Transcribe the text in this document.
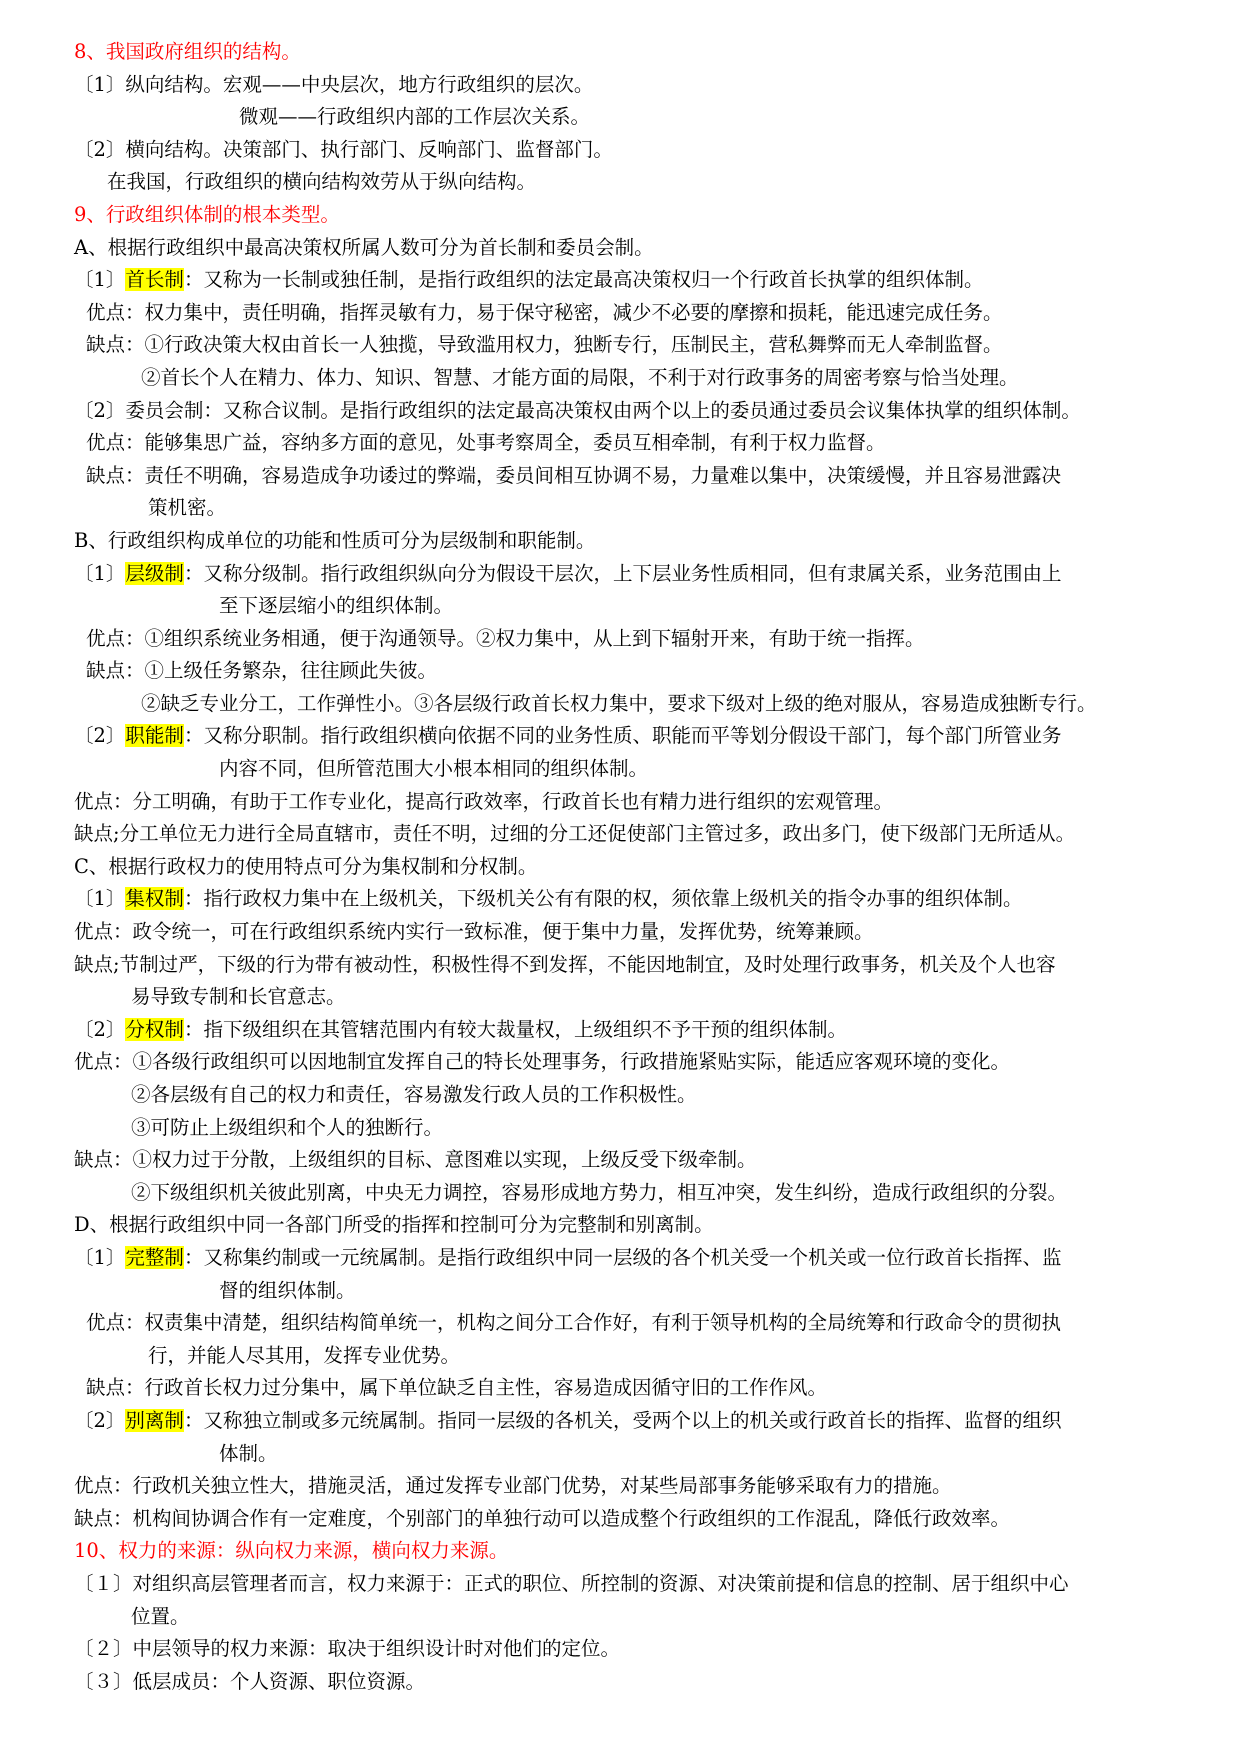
8、我国政府组织的结构。
〔1〕纵向结构。宏观——中央层次，地方行政组织的层次。
微观——行政组织内部的工作层次关系。
〔2〕横向结构。决策部门、执行部门、反响部门、监督部门。
在我国，行政组织的横向结构效劳从于纵向结构。
9、行政组织体制的根本类型。
A、根据行政组织中最高决策权所属人数可分为首长制和委员会制。
〔1〕首长制：又称为一长制或独任制，是指行政组织的法定最高决策权归一个行政首长执掌的组织体制。
优点：权力集中，责任明确，指挥灵敏有力，易于保守秘密，减少不必要的摩擦和损耗，能迅速完成任务。
缺点：①行政决策大权由首长一人独揽，导致滥用权力，独断专行，压制民主，营私舞弊而无人牵制监督。
②首长个人在精力、体力、知识、智慧、才能方面的局限，不利于对行政事务的周密考察与恰当处理。
〔2〕委员会制：又称合议制。是指行政组织的法定最高决策权由两个以上的委员通过委员会议集体执掌的组织体制。
优点：能够集思广益，容纳多方面的意见，处事考察周全，委员互相牵制，有利于权力监督。
缺点：责任不明确，容易造成争功诿过的弊端，委员间相互协调不易，力量难以集中，决策缓慢，并且容易泄露决
策机密。
B、行政组织构成单位的功能和性质可分为层级制和职能制。
〔1〕层级制：又称分级制。指行政组织纵向分为假设干层次，上下层业务性质相同，但有隶属关系，业务范围由上
至下逐层缩小的组织体制。
优点：①组织系统业务相通，便于沟通领导。②权力集中，从上到下辐射开来，有助于统一指挥。
缺点：①上级任务繁杂，往往顾此失彼。
②缺乏专业分工，工作弹性小。③各层级行政首长权力集中，要求下级对上级的绝对服从，容易造成独断专行。
〔2〕职能制：又称分职制。指行政组织横向依据不同的业务性质、职能而平等划分假设干部门，每个部门所管业务
内容不同，但所管范围大小根本相同的组织体制。
优点：分工明确，有助于工作专业化，提高行政效率，行政首长也有精力进行组织的宏观管理。
缺点;分工单位无力进行全局直辖市，责任不明，过细的分工还促使部门主管过多，政出多门，使下级部门无所适从。
C、根据行政权力的使用特点可分为集权制和分权制。
〔1〕集权制：指行政权力集中在上级机关，下级机关公有有限的权，须依靠上级机关的指令办事的组织体制。
优点：政令统一，可在行政组织系统内实行一致标准，便于集中力量，发挥优势，统筹兼顾。
缺点;节制过严，下级的行为带有被动性，积极性得不到发挥，不能因地制宜，及时处理行政事务，机关及个人也容
易导致专制和长官意志。
〔2〕分权制：指下级组织在其管辖范围内有较大裁量权，上级组织不予干预的组织体制。
优点：①各级行政组织可以因地制宜发挥自己的特长处理事务，行政措施紧贴实际，能适应客观环境的变化。
②各层级有自己的权力和责任，容易激发行政人员的工作积极性。
③可防止上级组织和个人的独断行。
缺点：①权力过于分散，上级组织的目标、意图难以实现，上级反受下级牵制。
②下级组织机关彼此别离，中央无力调控，容易形成地方势力，相互冲突，发生纠纷，造成行政组织的分裂。
D、根据行政组织中同一各部门所受的指挥和控制可分为完整制和别离制。
〔1〕完整制：又称集约制或一元统属制。是指行政组织中同一层级的各个机关受一个机关或一位行政首长指挥、监
督的组织体制。
优点：权责集中清楚，组织结构简单统一，机构之间分工合作好，有利于领导机构的全局统筹和行政命令的贯彻执
行，并能人尽其用，发挥专业优势。
缺点：行政首长权力过分集中，属下单位缺乏自主性，容易造成因循守旧的工作作风。
〔2〕别离制：又称独立制或多元统属制。指同一层级的各机关，受两个以上的机关或行政首长的指挥、监督的组织
体制。
优点：行政机关独立性大，措施灵活，通过发挥专业部门优势，对某些局部事务能够采取有力的措施。
缺点：机构间协调合作有一定难度，个别部门的单独行动可以造成整个行政组织的工作混乱，降低行政效率。
10、权力的来源：纵向权力来源，横向权力来源。
〔１〕对组织高层管理者而言，权力来源于：正式的职位、所控制的资源、对决策前提和信息的控制、居于组织中心
位置。
〔２〕中层领导的权力来源：取决于组织设计时对他们的定位。
〔３〕低层成员：个人资源、职位资源。
